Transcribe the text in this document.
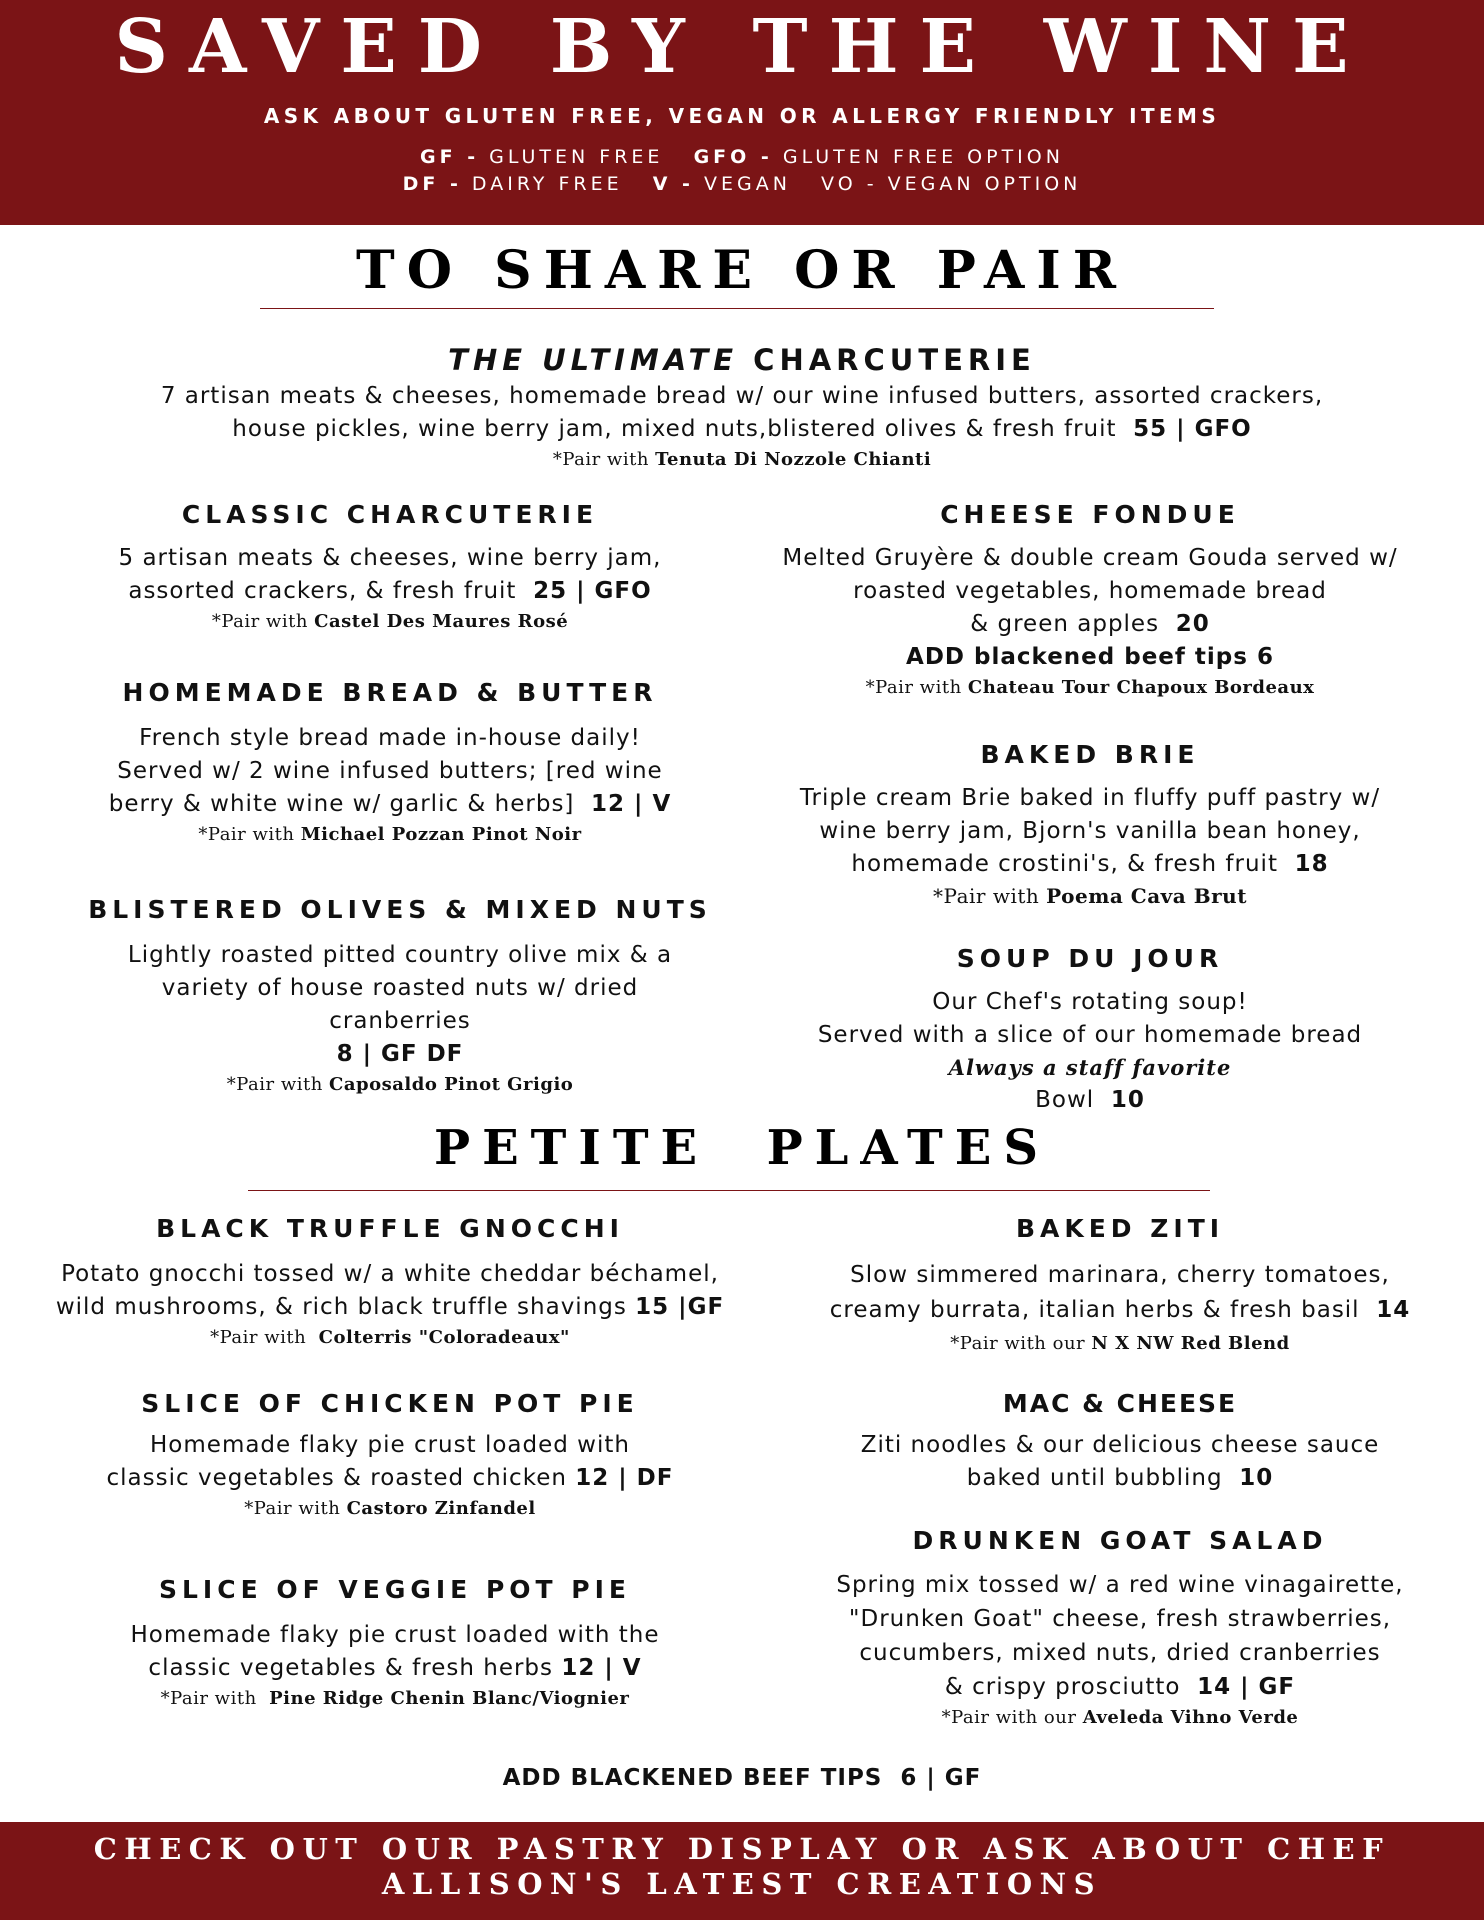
SAVED BY THE WINE
ASK ABOUT GLUTEN FREE, VEGAN OR ALLERGY FRIENDLY ITEMS
GF - GLUTEN FREE GFO - GLUTEN FREE OPTION
DF - DAIRY FREE V - VEGAN VO - VEGAN OPTION
TO SHARE OR PAIR
THE ULTIMATE CHARCUTERIE
7 artisan meats & cheeses, homemade bread w/ our wine infused butters, assorted crackers,
house pickles, wine berry jam, mixed nuts,blistered olives & fresh fruit 55 | GFO
*Pair with Tenuta Di Nozzole Chianti
CLASSIC CHARCUTERIE
5 artisan meats & cheeses, wine berry jam,
assorted crackers, & fresh fruit 25 | GFO
*Pair with Castel Des Maures Rosé
HOMEMADE BREAD & BUTTER
French style bread made in-house daily!
Served w/ 2 wine infused butters; [red wine
berry & white wine w/ garlic & herbs] 12 | V
*Pair with Michael Pozzan Pinot Noir
BLISTERED OLIVES & MIXED NUTS
Lightly roasted pitted country olive mix & a
variety of house roasted nuts w/ dried
cranberries
8 | GF DF
*Pair with Caposaldo Pinot Grigio
CHEESE FONDUE
Melted Gruyère & double cream Gouda served w/
roasted vegetables, homemade bread
& green apples 20
ADD blackened beef tips 6
*Pair with Chateau Tour Chapoux Bordeaux
BAKED BRIE
Triple cream Brie baked in fluffy puff pastry w/
wine berry jam, Bjorn's vanilla bean honey,
homemade crostini's, & fresh fruit 18
*Pair with Poema Cava Brut
SOUP DU JOUR
Our Chef's rotating soup!
Served with a slice of our homemade bread
Always a staff favorite
Bowl 10
PETITE  PLATES
BLACK TRUFFLE GNOCCHI
Potato gnocchi tossed w/ a white cheddar béchamel,
wild mushrooms, & rich black truffle shavings 15 |GF
*Pair with Colterris "Coloradeaux"
SLICE OF CHICKEN POT PIE
Homemade flaky pie crust loaded with
classic vegetables & roasted chicken 12 | DF
*Pair with Castoro Zinfandel
SLICE OF VEGGIE POT PIE
Homemade flaky pie crust loaded with the
classic vegetables & fresh herbs 12 | V
*Pair with Pine Ridge Chenin Blanc/Viognier
BAKED ZITI
Slow simmered marinara, cherry tomatoes,
creamy burrata, italian herbs & fresh basil 14
*Pair with our N X NW Red Blend
MAC & CHEESE
Ziti noodles & our delicious cheese sauce
baked until bubbling 10
DRUNKEN GOAT SALAD
Spring mix tossed w/ a red wine vinagairette,
"Drunken Goat" cheese, fresh strawberries,
cucumbers, mixed nuts, dried cranberries
& crispy prosciutto 14 | GF
*Pair with our Aveleda Vihno Verde
ADD BLACKENED BEEF TIPS  6 | GF
CHECK OUT OUR PASTRY DISPLAY OR ASK ABOUT CHEF
ALLISON'S LATEST CREATIONS
